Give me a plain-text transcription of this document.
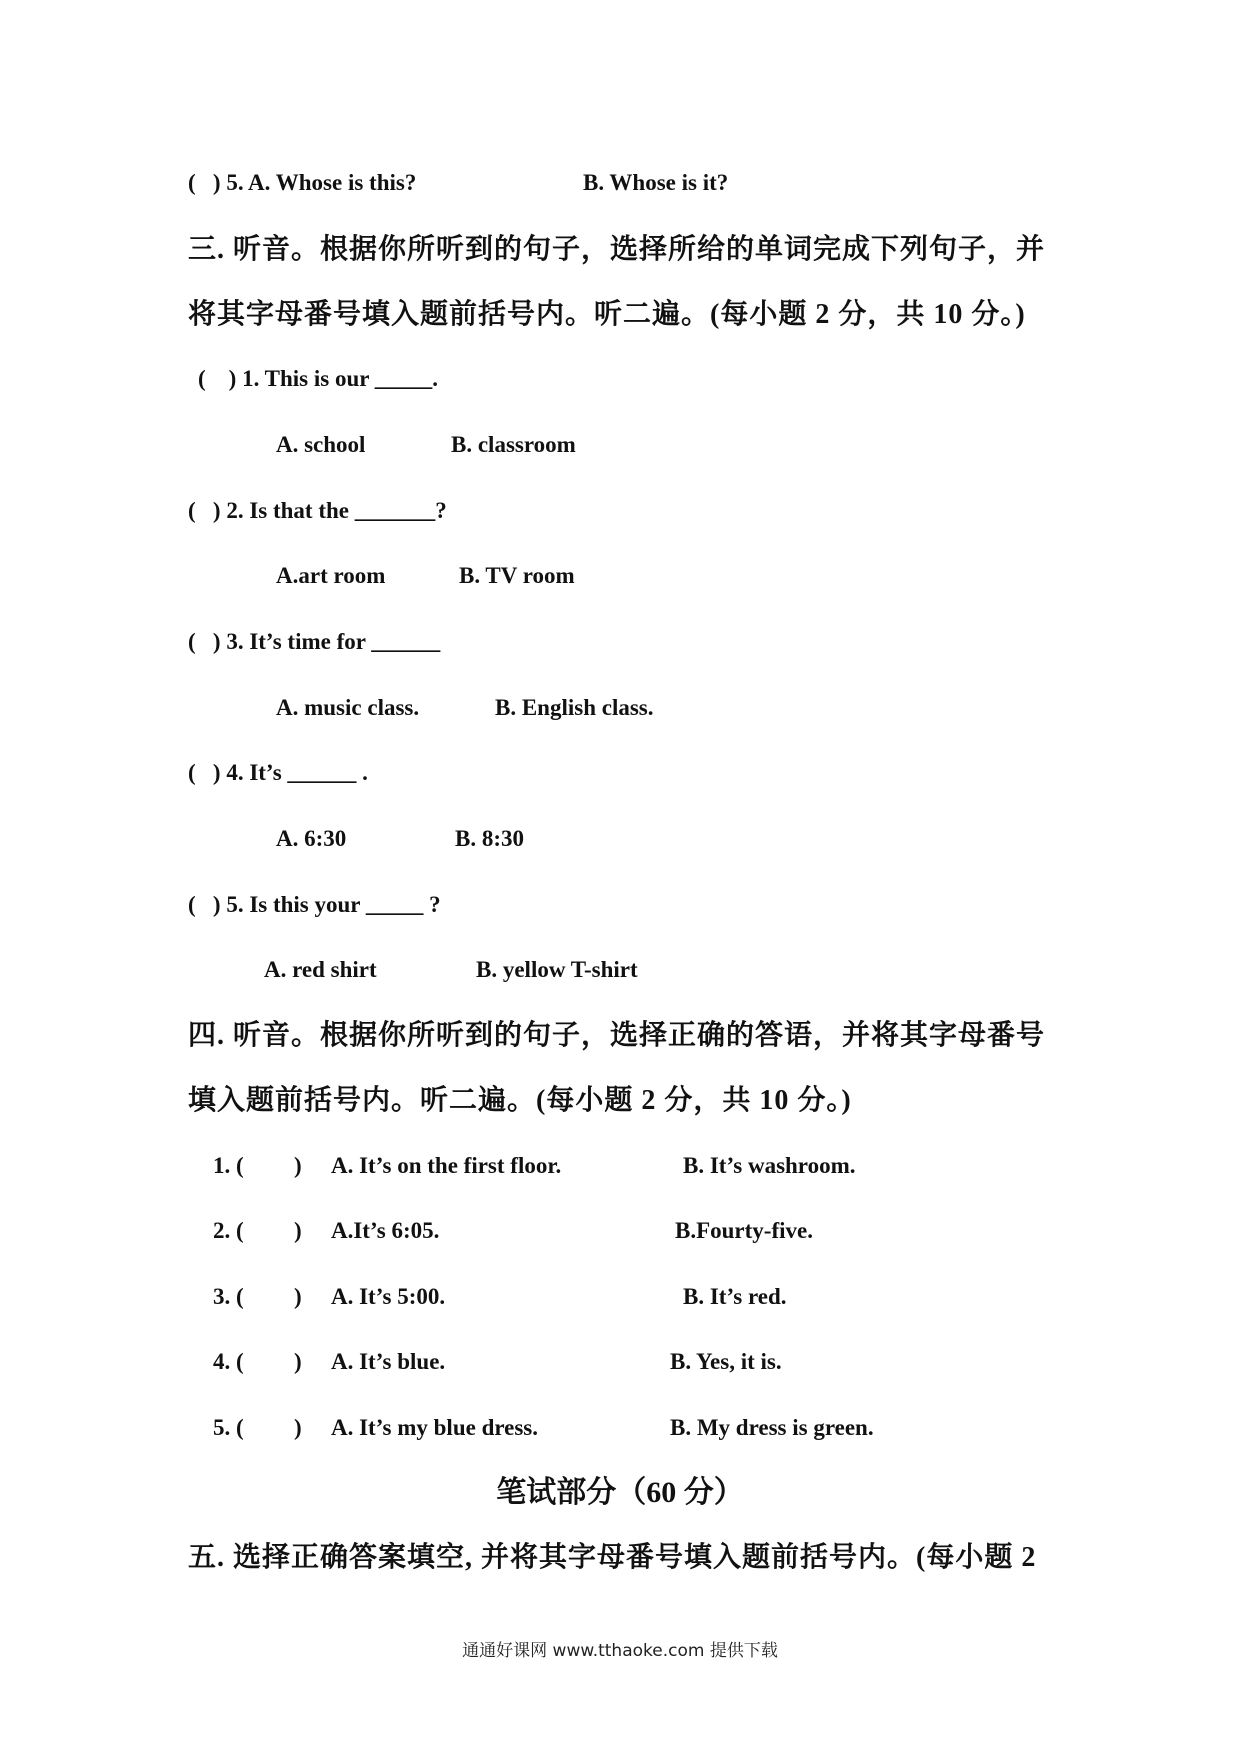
(   ) 5. A. Whose is this?	B. Whose is it?
三. 听音。根据你所听到的句子，选择所给的单词完成下列句子，并
将其字母番号填入题前括号内。听二遍。(每小题 2 分，共 10 分。)
(    ) 1. This is our _____.
A. school	B. classroom
(   ) 2. Is that the _______?
A.art room	B. TV room
(   ) 3. It’s time for ______
A. music class.	B. English class.
(   ) 4. It’s ______ .
A. 6:30	B. 8:30
(   ) 5. Is this your _____ ?
A. red shirt	B. yellow T-shirt
四. 听音。根据你所听到的句子，选择正确的答语，并将其字母番号
填入题前括号内。听二遍。(每小题 2 分，共 10 分。)
1. ( ) A. It’s on the first floor.	B. It’s washroom.
2. ( ) A.It’s 6:05.	B.Fourty-five.
3. ( ) A. It’s 5:00.	B. It’s red.
4. ( ) A. It’s blue.	B. Yes, it is.
5. ( ) A. It’s my blue dress.	B. My dress is green.
笔试部分（60 分）
五. 选择正确答案填空, 并将其字母番号填入题前括号内。(每小题 2
通通好课网 www.tthaoke.com 提供下载
